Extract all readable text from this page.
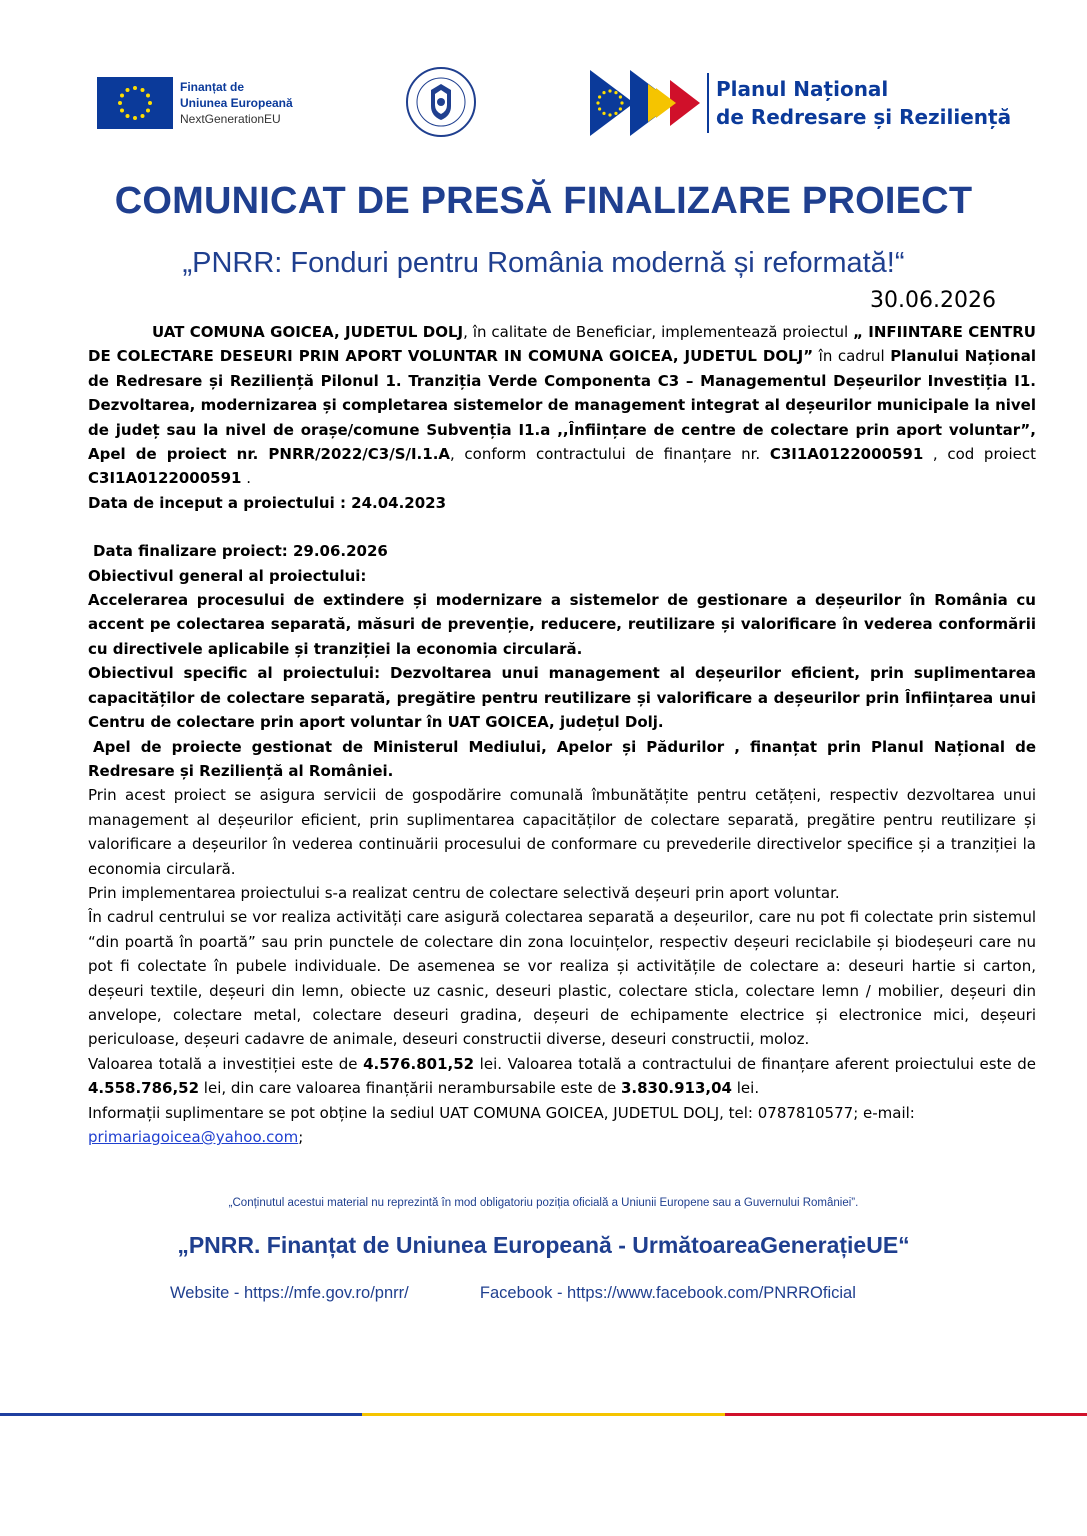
Finanțat de
Uniunea Europeană
NextGenerationEU
Planul Național
de Redresare și Reziliență
COMUNICAT DE PRESĂ FINALIZARE PROIECT
„PNRR: Fonduri pentru România modernă și reformată!“
30.06.2026

UAT COMUNA GOICEA, JUDETUL DOLJ, în calitate de Beneficiar, implementează proiectul „ INFIINTARE CENTRU DE COLECTARE DESEURI PRIN APORT VOLUNTAR IN COMUNA GOICEA, JUDETUL DOLJ” în cadrul Planului Național de Redresare și Reziliență Pilonul 1. Tranziția Verde Componenta C3 – Managementul Deșeurilor Investiția I1. Dezvoltarea, modernizarea și completarea sistemelor de management integrat al deșeurilor municipale la nivel de județ sau la nivel de orașe/comune Subvenția I1.a ,,Înființare de centre de colectare prin aport voluntar”, Apel de proiect nr. PNRR/2022/C3/S/I.1.A, conform contractului de finanțare nr. C3I1A0122000591 , cod proiect C3I1A0122000591 .

Data de inceput a proiectului : 24.04.2023

Data finalizare proiect: 29.06.2026

Obiectivul general al proiectului:

Accelerarea procesului de extindere și modernizare a sistemelor de gestionare a deșeurilor în România cu accent pe colectarea separată, măsuri de prevenție, reducere, reutilizare și valorificare în vederea conformării cu directivele aplicabile și tranziției la economia circulară.

Obiectivul specific al proiectului: Dezvoltarea unui management al deșeurilor eficient, prin suplimentarea capacităților de colectare separată, pregătire pentru reutilizare și valorificare a deșeurilor prin Înființarea unui Centru de colectare prin aport voluntar în UAT GOICEA, județul Dolj.

Apel de proiecte gestionat de Ministerul Mediului, Apelor și Pădurilor , finanțat prin Planul Național de Redresare și Reziliență al României.

Prin acest proiect se asigura servicii de gospodărire comunală îmbunătățite pentru cetățeni, respectiv dezvoltarea unui management al deșeurilor eficient, prin suplimentarea capacităților de colectare separată, pregătire pentru reutilizare și valorificare a deșeurilor în vederea continuării procesului de conformare cu prevederile directivelor specifice și a tranziției la economia circulară.

Prin implementarea proiectului s-a realizat centru de colectare selectivă deșeuri prin aport voluntar.

În cadrul centrului se vor realiza activități care asigură colectarea separată a deșeurilor, care nu pot fi colectate prin sistemul “din poartă în poartă” sau prin punctele de colectare din zona locuințelor, respectiv deșeuri reciclabile și biodeșeuri care nu pot fi colectate în pubele individuale. De asemenea se vor realiza și activitățile de colectare a: deseuri hartie si carton, deșeuri textile, deșeuri din lemn, obiecte uz casnic, deseuri plastic, colectare sticla, colectare lemn / mobilier, deșeuri din anvelope, colectare metal, colectare deseuri gradina, deșeuri de echipamente electrice și electronice mici, deșeuri periculoase, deșeuri cadavre de animale, deseuri constructii diverse, deseuri constructii, moloz.

Valoarea totală a investiției este de 4.576.801,52 lei. Valoarea totală a contractului de finanțare aferent proiectului este de 4.558.786,52 lei, din care valoarea finanțării nerambursabile este de 3.830.913,04 lei.

Informații suplimentare se pot obține la sediul UAT COMUNA GOICEA, JUDETUL DOLJ, tel: 0787810577; e-mail:
primariagoicea@yahoo.com;

„Conținutul acestui material nu reprezintă în mod obligatoriu poziția oficială a Uniunii Europene sau a Guvernului României”.
„PNRR. Finanțat de Uniunea Europeană - UrmătoareaGenerațieUE“
Website - https://mfe.gov.ro/pnrr/	Facebook - https://www.facebook.com/PNRROficial
